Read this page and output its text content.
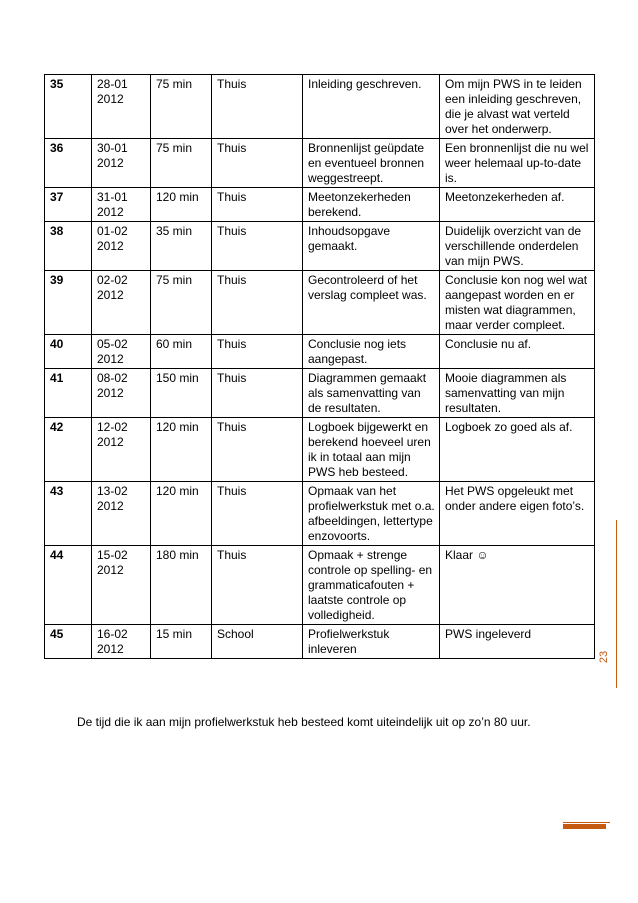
35	28-01 2012	75 min	Thuis	Inleiding geschreven.	Om mijn PWS in te leiden een inleiding geschreven, die je alvast wat verteld over het onderwerp.
36	30-01 2012	75 min	Thuis	Bronnenlijst geüpdate en eventueel bronnen weggestreept.	Een bronnenlijst die nu wel weer helemaal up-to-date is.
37	31-01 2012	120 min	Thuis	Meetonzekerheden berekend.	Meetonzekerheden af.
38	01-02 2012	35 min	Thuis	Inhoudsopgave gemaakt.	Duidelijk overzicht van de verschillende onderdelen van mijn PWS.
39	02-02 2012	75 min	Thuis	Gecontroleerd of het verslag compleet was.	Conclusie kon nog wel wat aangepast worden en er misten wat diagrammen, maar verder compleet.
40	05-02 2012	60 min	Thuis	Conclusie nog iets aangepast.	Conclusie nu af.
41	08-02 2012	150 min	Thuis	Diagrammen gemaakt als samenvatting van de resultaten.	Mooie diagrammen als samenvatting van mijn resultaten.
42	12-02 2012	120 min	Thuis	Logboek bijgewerkt en berekend hoeveel uren ik in totaal aan mijn PWS heb besteed.	Logboek zo goed als af.
43	13-02 2012	120 min	Thuis	Opmaak van het profielwerkstuk met o.a. afbeeldingen, lettertype enzovoorts.	Het PWS opgeleukt met onder andere eigen foto’s.
44	15-02 2012	180 min	Thuis	Opmaak + strenge controle op spelling- en grammaticafouten + laatste controle op volledigheid.	Klaar ☺
45	16-02 2012	15 min	School	Profielwerkstuk inleveren	PWS ingeleverd
De tijd die ik aan mijn profielwerkstuk heb besteed komt uiteindelijk uit op zo’n 80 uur.
23
